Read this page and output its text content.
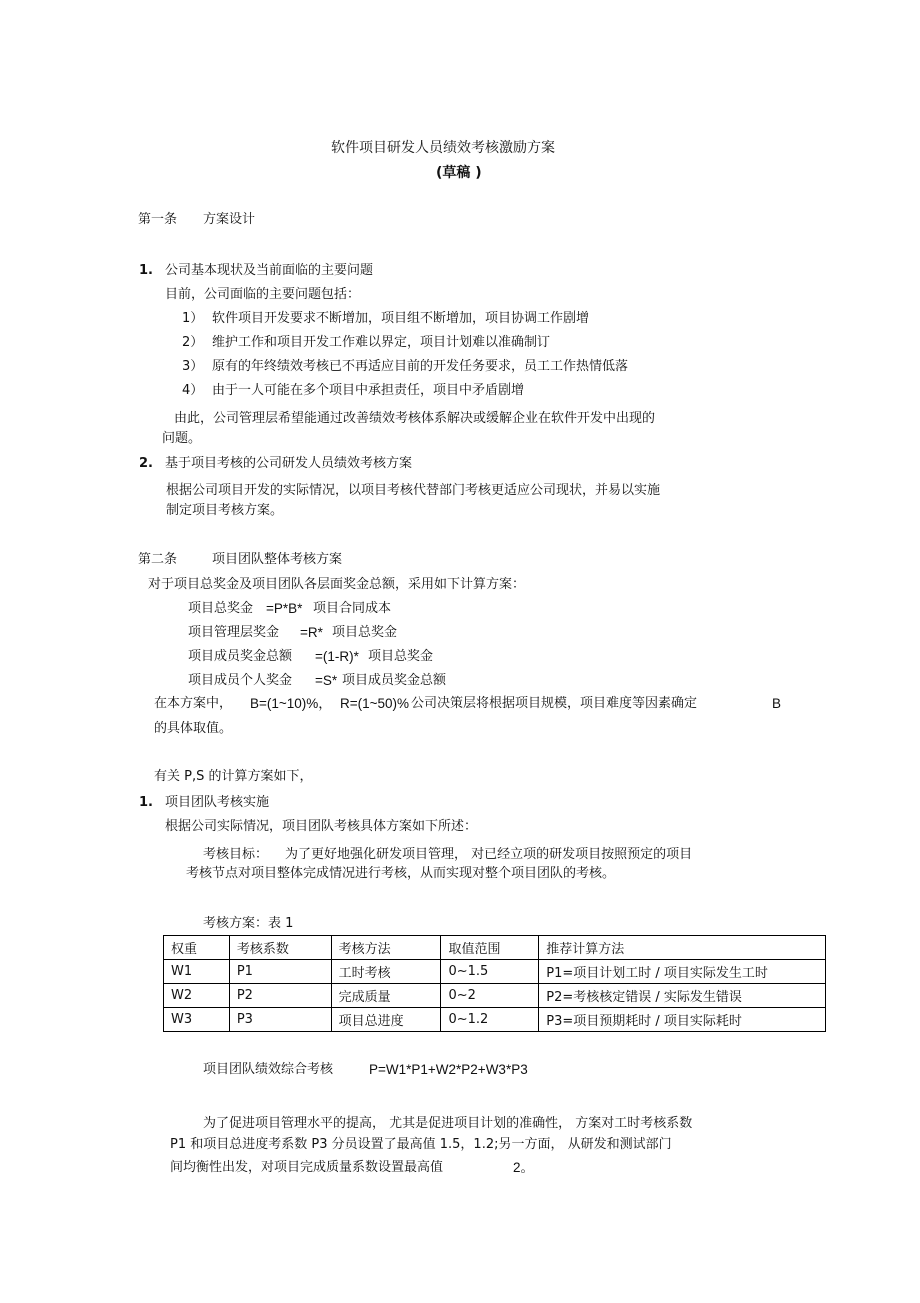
软件项目研发人员绩效考核激励方案
(草稿 )
第一条 方案设计
1. 公司基本现状及当前面临的主要问题
目前，公司面临的主要问题包括：
1） 软件项目开发要求不断增加，项目组不断增加，项目协调工作剧增
2） 维护工作和项目开发工作难以界定，项目计划难以准确制订
3） 原有的年终绩效考核已不再适应目前的开发任务要求，员工工作热情低落
4） 由于一人可能在多个项目中承担责任，项目中矛盾剧增
由此，公司管理层希望能通过改善绩效考核体系解决或缓解企业在软件开发中出现的
问题。
2. 基于项目考核的公司研发人员绩效考核方案
根据公司项目开发的实际情况，以项目考核代替部门考核更适应公司现状，并易以实施
制定项目考核方案。
第二条	项目团队整体考核方案
对于项目总奖金及项目团队各层面奖金总额，采用如下计算方案：
项目总奖金 =P*B* 项目合同成本
项目管理层奖金 =R* 项目总奖金
项目成员奖金总额 =(1-R)* 项目总奖金
项目成员个人奖金 =S* 项目成员奖金总额
在本方案中， B=(1~10)%， R=(1~50)% 公司决策层将根据项目规模，项目难度等因素确定	B
的具体取值。
有关 P,S 的计算方案如下，
1. 项目团队考核实施
根据公司实际情况，项目团队考核具体方案如下所述：
考核目标： 为了更好地强化研发项目管理， 对已经立项的研发项目按照预定的项目
考核节点对项目整体完成情况进行考核，从而实现对整个项目团队的考核。
考核方案：表 1
权重	考核系数	考核方法	取值范围	推荐计算方法
W1	P1	工时考核	0~1.5	P1=项目计划工时 / 项目实际发生工时
W2	P2	完成质量	0~2	P2=考核核定错误 / 实际发生错误
W3	P3	项目总进度	0~1.2	P3=项目预期耗时 / 项目实际耗时
项目团队绩效综合考核	P=W1*P1+W2*P2+W3*P3
为了促进项目管理水平的提高， 尤其是促进项目计划的准确性， 方案对工时考核系数
P1 和项目总进度考系数 P3 分员设置了最高值 1.5，1.2;另一方面， 从研发和测试部门
间均衡性出发，对项目完成质量系数设置最高值	2。
